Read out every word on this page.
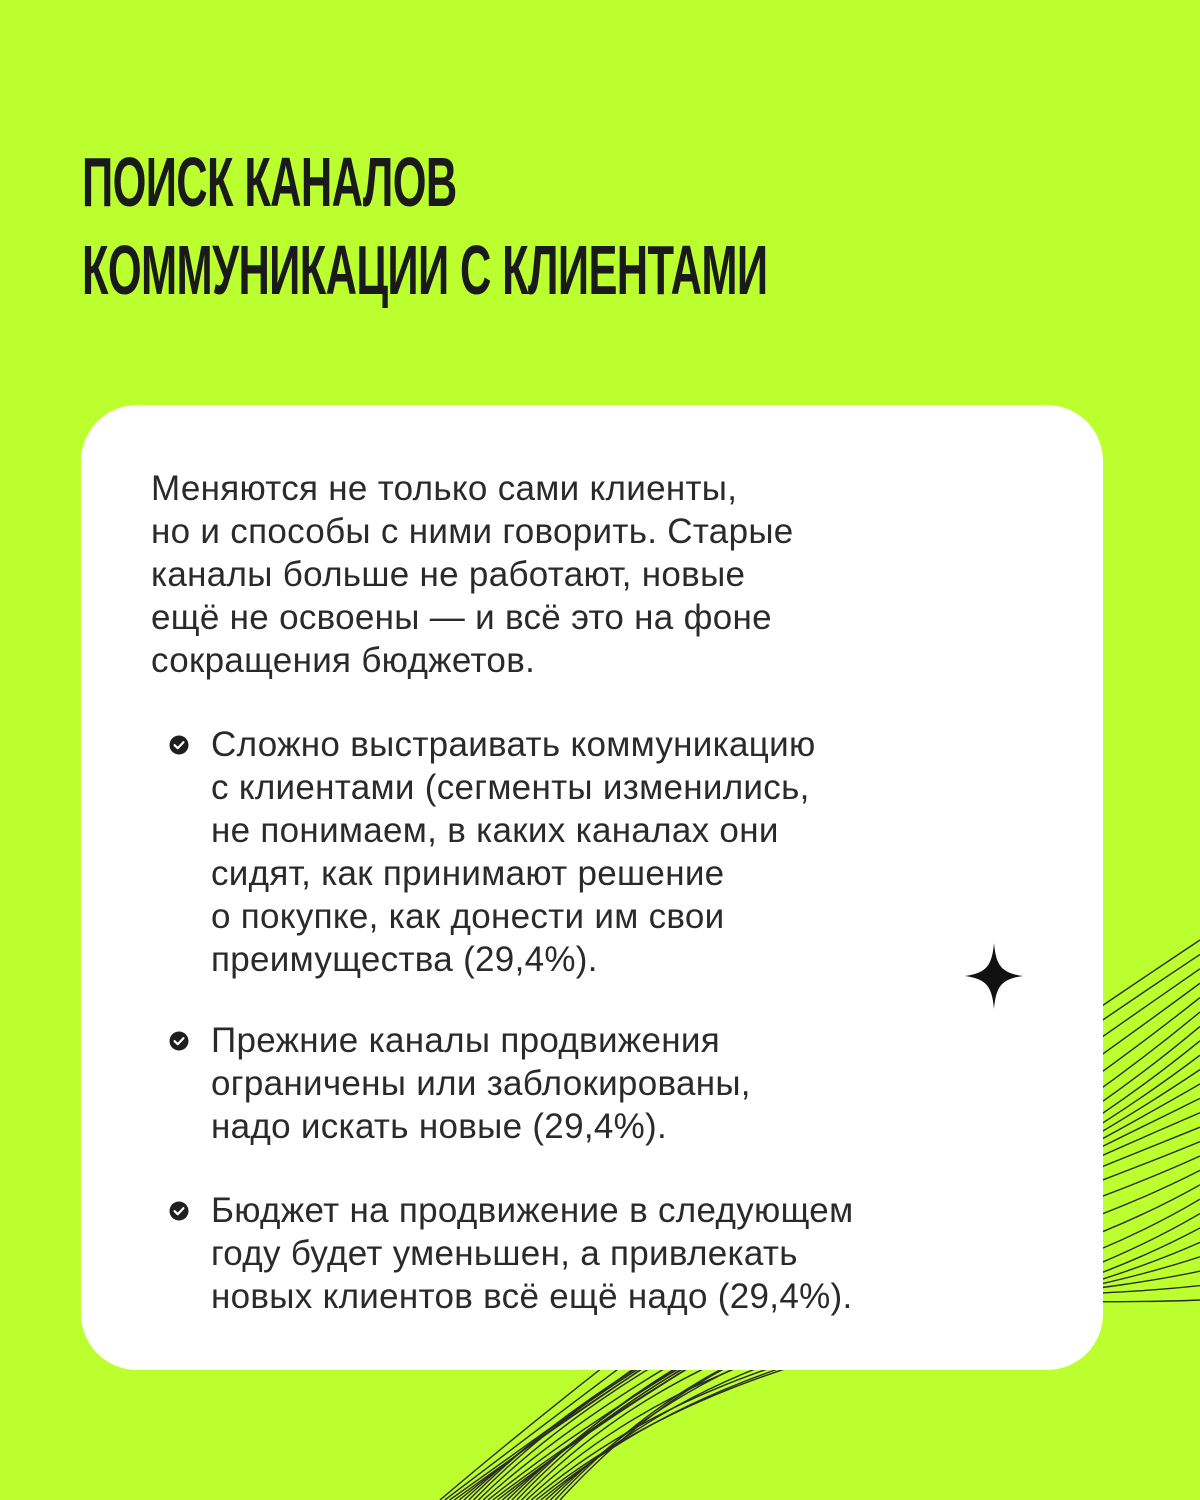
ПОИСК КАНАЛОВ
КОММУНИКАЦИИ С КЛИЕНТАМИ

Меняются не только сами клиенты,
но и способы с ними говорить. Старые
каналы больше не работают, новые
ещё не освоены — и всё это на фоне
сокращения бюджетов.

Сложно выстраивать коммуникацию
с клиентами (сегменты изменились,
не понимаем, в каких каналах они
сидят, как принимают решение
о покупке, как донести им свои
преимущества (29,4%).
Прежние каналы продвижения
ограничены или заблокированы,
надо искать новые (29,4%).
Бюджет на продвижение в следующем
году будет уменьшен, а привлекать
новых клиентов всё ещё надо (29,4%).
